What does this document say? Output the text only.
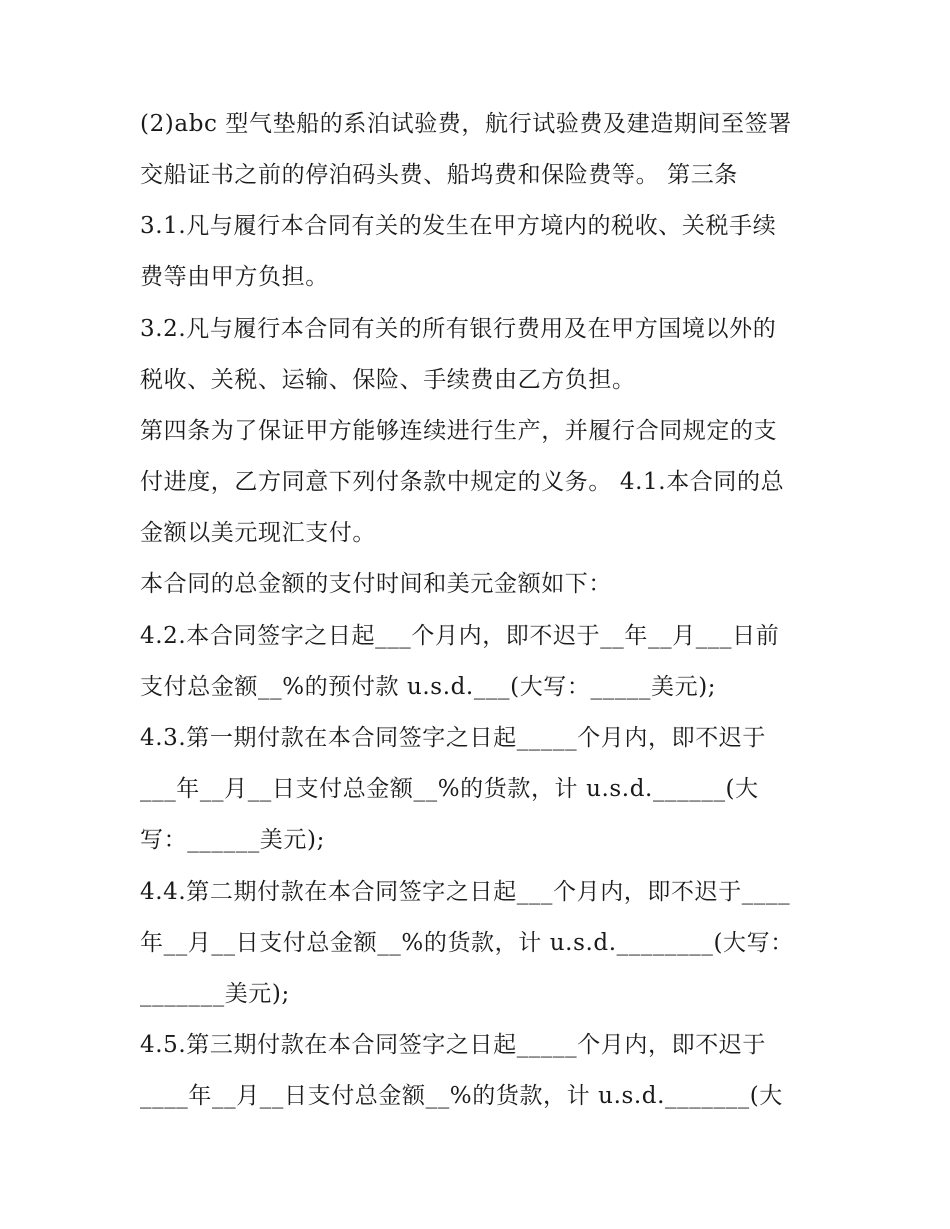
(2)abc 型气垫船的系泊试验费，航行试验费及建造期间至签署
交船证书之前的停泊码头费、船坞费和保险费等。 第三条
3.1.凡与履行本合同有关的发生在甲方境内的税收、关税手续
费等由甲方负担。
3.2.凡与履行本合同有关的所有银行费用及在甲方国境以外的
税收、关税、运输、保险、手续费由乙方负担。
第四条为了保证甲方能够连续进行生产，并履行合同规定的支
付进度，乙方同意下列付条款中规定的义务。 4.1.本合同的总
金额以美元现汇支付。
本合同的总金额的支付时间和美元金额如下：
4.2.本合同签字之日起___个月内，即不迟于__年__月___日前
支付总金额__%的预付款 u.s.d.___(大写：_____美元);
4.3.第一期付款在本合同签字之日起_____个月内，即不迟于
___年__月__日支付总金额__%的货款，计 u.s.d.______(大
写：______美元);
4.4.第二期付款在本合同签字之日起___个月内，即不迟于____
年__月__日支付总金额__%的货款，计 u.s.d.________(大写：
_______美元);
4.5.第三期付款在本合同签字之日起_____个月内，即不迟于
____年__月__日支付总金额__%的货款，计 u.s.d._______(大
